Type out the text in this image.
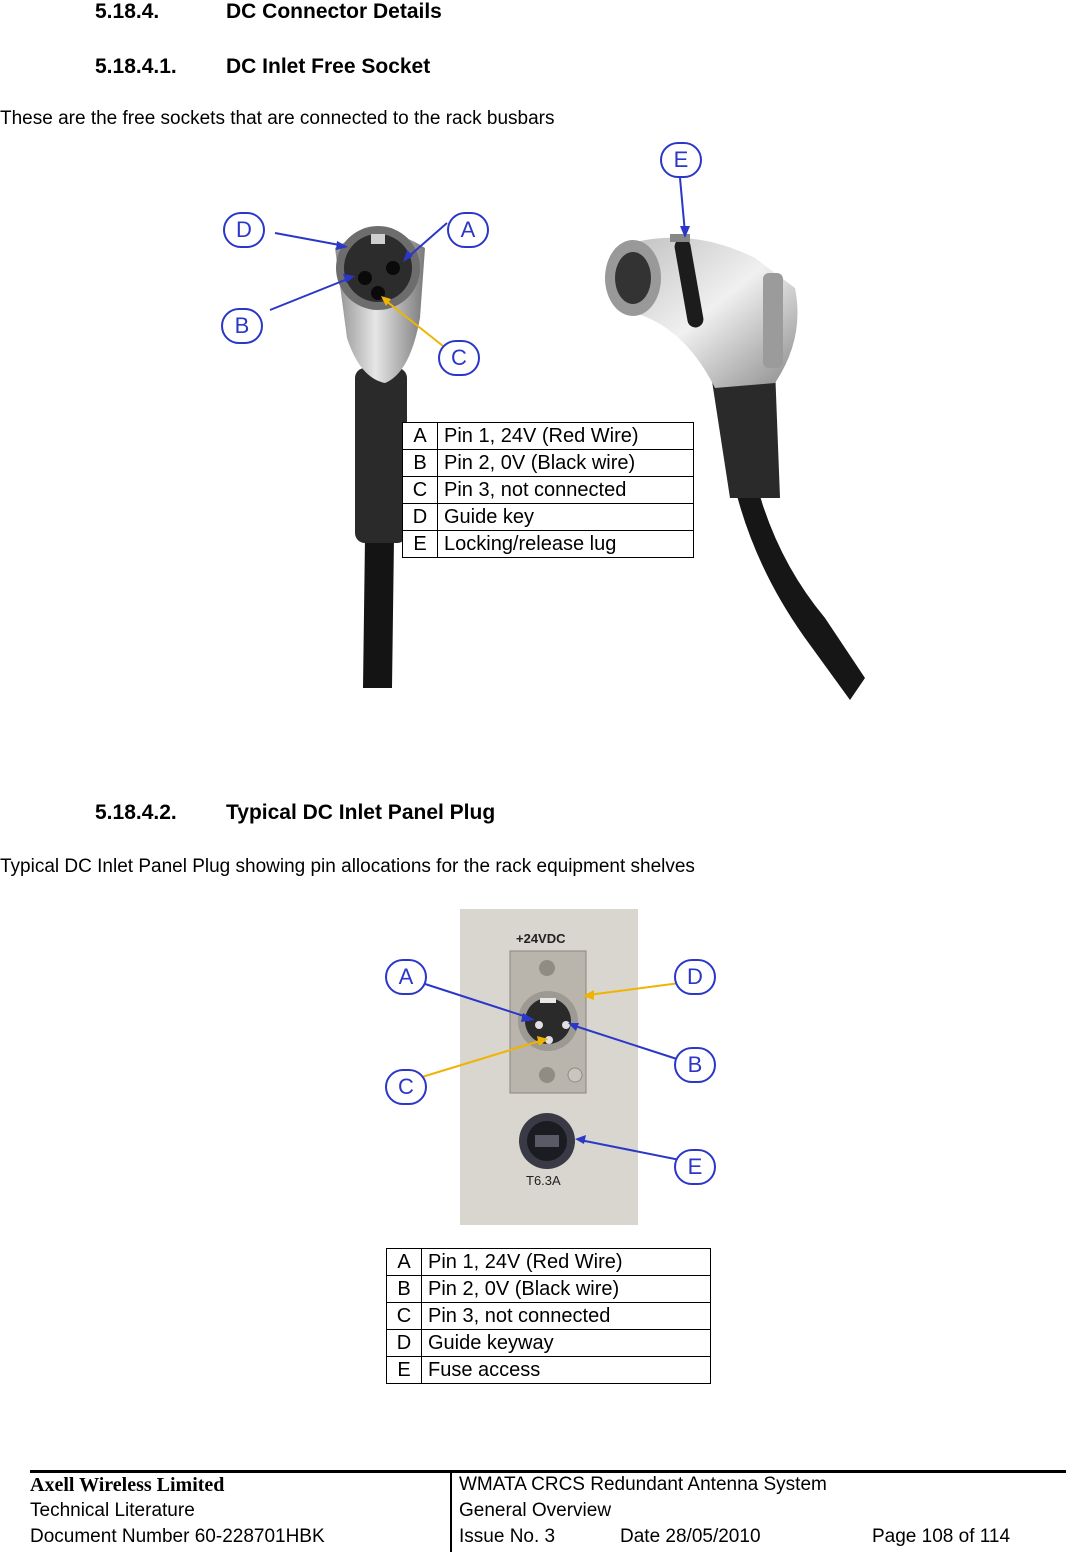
5.18.4.	DC Connector Details
5.18.4.1. DC Inlet Free Socket
These are the free sockets that are connected to the rack busbars
D	A
B
C
E
A	Pin 1, 24V (Red Wire)
B	Pin 2, 0V (Black wire)
C	Pin 3, not connected
D	Guide key
E	Locking/release lug
5.18.4.2. Typical DC Inlet Panel Plug
Typical DC Inlet Panel Plug showing pin allocations for the rack equipment shelves
+24VDC
T6.3A
A	D
B
C
E
A	Pin 1, 24V (Red Wire)
B	Pin 2, 0V (Black wire)
C	Pin 3, not connected
D	Guide keyway
E	Fuse access
Axell Wireless Limited
Technical Literature
Document Number 60-228701HBK
WMATA CRCS Redundant Antenna System
General Overview
Issue No. 3	Date 28/05/2010	Page 108 of 114
